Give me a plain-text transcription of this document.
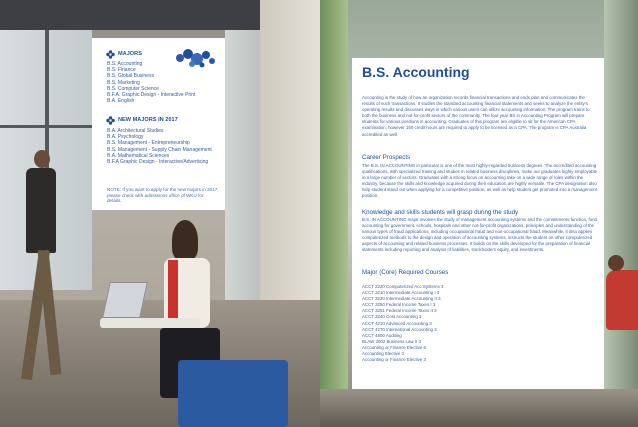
MAJORS
B.S. Accounting
B.S. Finance
B.S. Global Business
B.S. Marketing
B.S. Computer Science
B.F.A. Graphic Design - Interactive Print
B.A. English
NEW MAJORS IN 2017
B.A. Architectural Studies
B.A. Psychology
B.S. Management - Entrepreneurship
B.S. Management - Supply Chain Management
B.A. Mathematical Sciences
B.F.A Graphic Design - Interactive/Advertising
NOTE: If you want to apply for the new majors in 2017, please check with admissions office of WKU for details.
B.S. Accounting

Accounting is the study of how an organization records financial transactions and ends plan and communicates the results of such transactions. It studies the standard accounting financial statements and seeks to analyze the entity's operating results and discusses ways in which various users can utilize accounting information. The program trains to both the business and not-for-profit sectors of the community. The four year BS in Accounting Program will prepare students for various positions in accounting. Graduates of this program are eligible to sit for the American CPA examination, however 150 credit hours are required to apply to be licensed as a CPA. The program is CPA Australia accredited as well.

Career Prospects

The B.S. IN ACCOUNTING in particular is one of the most highly-regarded business degrees. The accredited accounting qualifications, with specialized training and studies in related business disciplines, make our graduates highly employable in a large number of sectors. Graduates with a strong focus on accounting take on a wide range of roles within the industry, because the skills and knowledge acquired during their education are highly versatile. The CPA designation also help student stand out when applying for a competitive position, as well as help student get promoted into a management position.

Knowledge and skills students will grasp during the study

B.S. IN ACCOUNTING major involves the study of management accounting systems and the commitments function, fund accounting for government, schools, hospitals and other not-for-profit organizations, principles and understanding of the various types of fraud applications, including occupational fraud and non-occupational fraud. Meanwhile, it also applies computerized methods to the design and operation of accounting systems, instructs the student on other computerized aspects of accounting and related business processes. It builds on the skills developed for the preparation of financial statements including reporting and analysis of liabilities, stockholders equity, and investments.

Major (Core) Required Courses
ACCT 2220 Computerized Acc Systems 3
ACCT 3210 Intermediate Accounting I 3
ACCT 3220 Intermediate Accounting II 3
ACCT 3250 Federal Income Taxes I 3
ACCT 3251 Federal Income Taxes II 3
ACCT 3240 Cost Accounting 3
ACCT 4210 Advanced Accounting 3
ACCT 4270 International Accounting 3
ACCT 4800 Auditing
BLAW 3002 Business Law II 3
Accounting or Finance Elective 6
Accounting Elective 3
Accounting or Finance Elective 3
